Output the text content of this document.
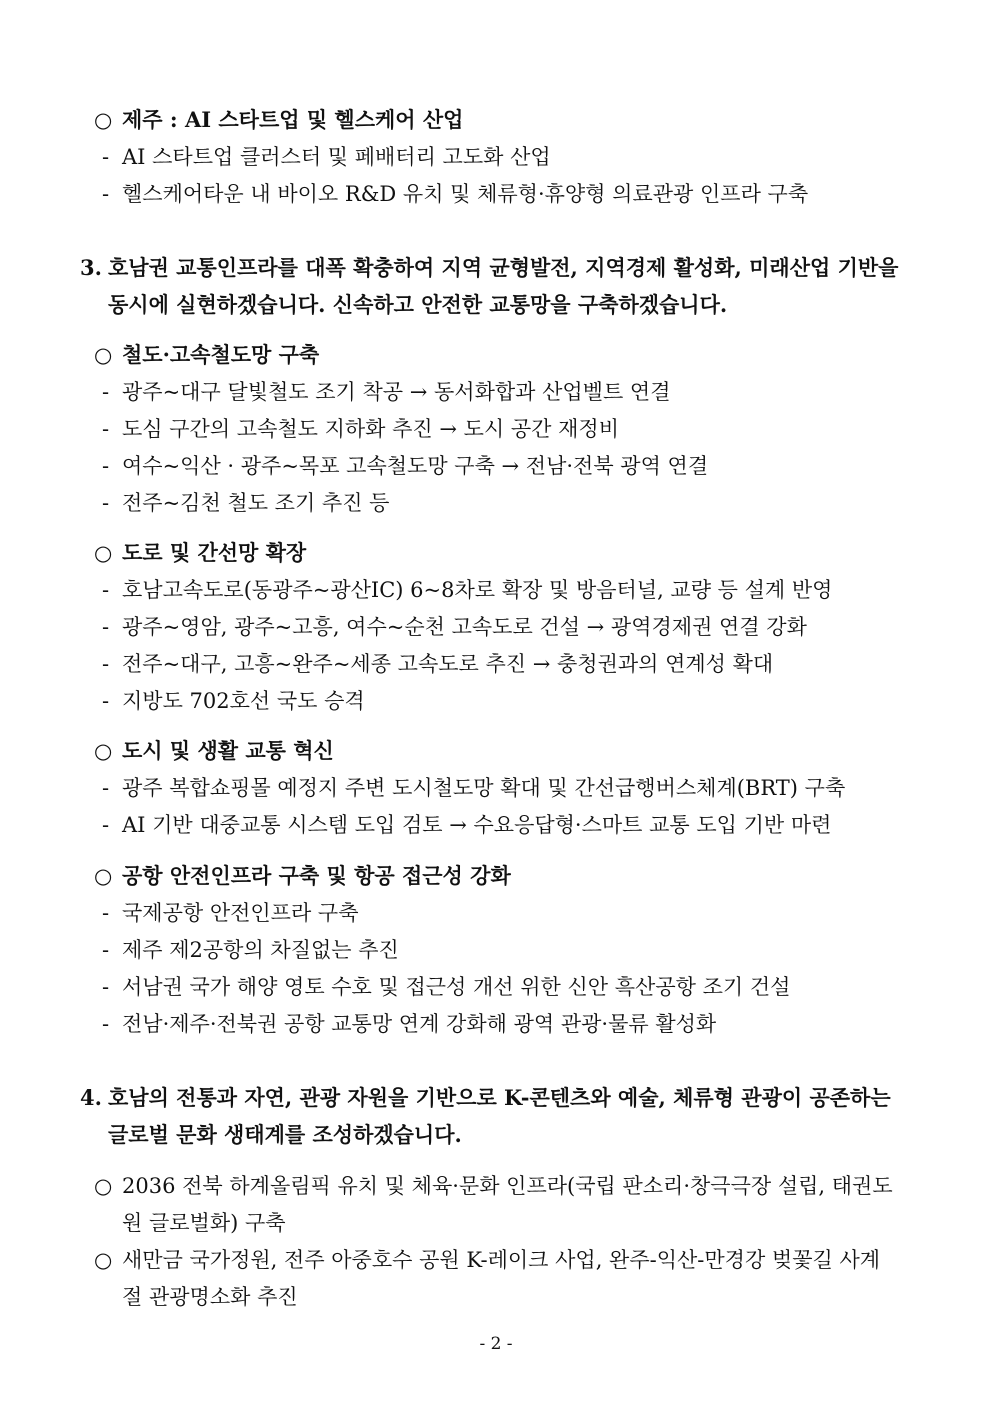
○ 제주 : AI 스타트업 및 헬스케어 산업
- AI 스타트업 클러스터 및 페배터리 고도화 산업
- 헬스케어타운 내 바이오 R&D 유치 및 체류형·휴양형 의료관광 인프라 구축
3. 호남권 교통인프라를 대폭 확충하여 지역 균형발전, 지역경제 활성화, 미래산업 기반을
동시에 실현하겠습니다. 신속하고 안전한 교통망을 구축하겠습니다.
○ 철도·고속철도망 구축
- 광주~대구 달빛철도 조기 착공 → 동서화합과 산업벨트 연결
- 도심 구간의 고속철도 지하화 추진 → 도시 공간 재정비
- 여수~익산 · 광주~목포 고속철도망 구축 → 전남·전북 광역 연결
- 전주~김천 철도 조기 추진 등
○ 도로 및 간선망 확장
- 호남고속도로(동광주~광산IC) 6~8차로 확장 및 방음터널, 교량 등 설계 반영
- 광주~영암, 광주~고흥, 여수~순천 고속도로 건설 → 광역경제권 연결 강화
- 전주~대구, 고흥~완주~세종 고속도로 추진 → 충청권과의 연계성 확대
- 지방도 702호선 국도 승격
○ 도시 및 생활 교통 혁신
- 광주 복합쇼핑몰 예정지 주변 도시철도망 확대 및 간선급행버스체계(BRT) 구축
- AI 기반 대중교통 시스템 도입 검토 → 수요응답형·스마트 교통 도입 기반 마련
○ 공항 안전인프라 구축 및 항공 접근성 강화
- 국제공항 안전인프라 구축
- 제주 제2공항의 차질없는 추진
- 서남권 국가 해양 영토 수호 및 접근성 개선 위한 신안 흑산공항 조기 건설
- 전남·제주·전북권 공항 교통망 연계 강화해 광역 관광·물류 활성화
4. 호남의 전통과 자연, 관광 자원을 기반으로 K-콘텐츠와 예술, 체류형 관광이 공존하는
글로벌 문화 생태계를 조성하겠습니다.
○ 2036 전북 하계올림픽 유치 및 체육·문화 인프라(국립 판소리·창극극장 설립, 태권도
원 글로벌화) 구축
○ 새만금 국가정원, 전주 아중호수 공원 K-레이크 사업, 완주-익산-만경강 벚꽃길 사계
절 관광명소화 추진
- 2 -
